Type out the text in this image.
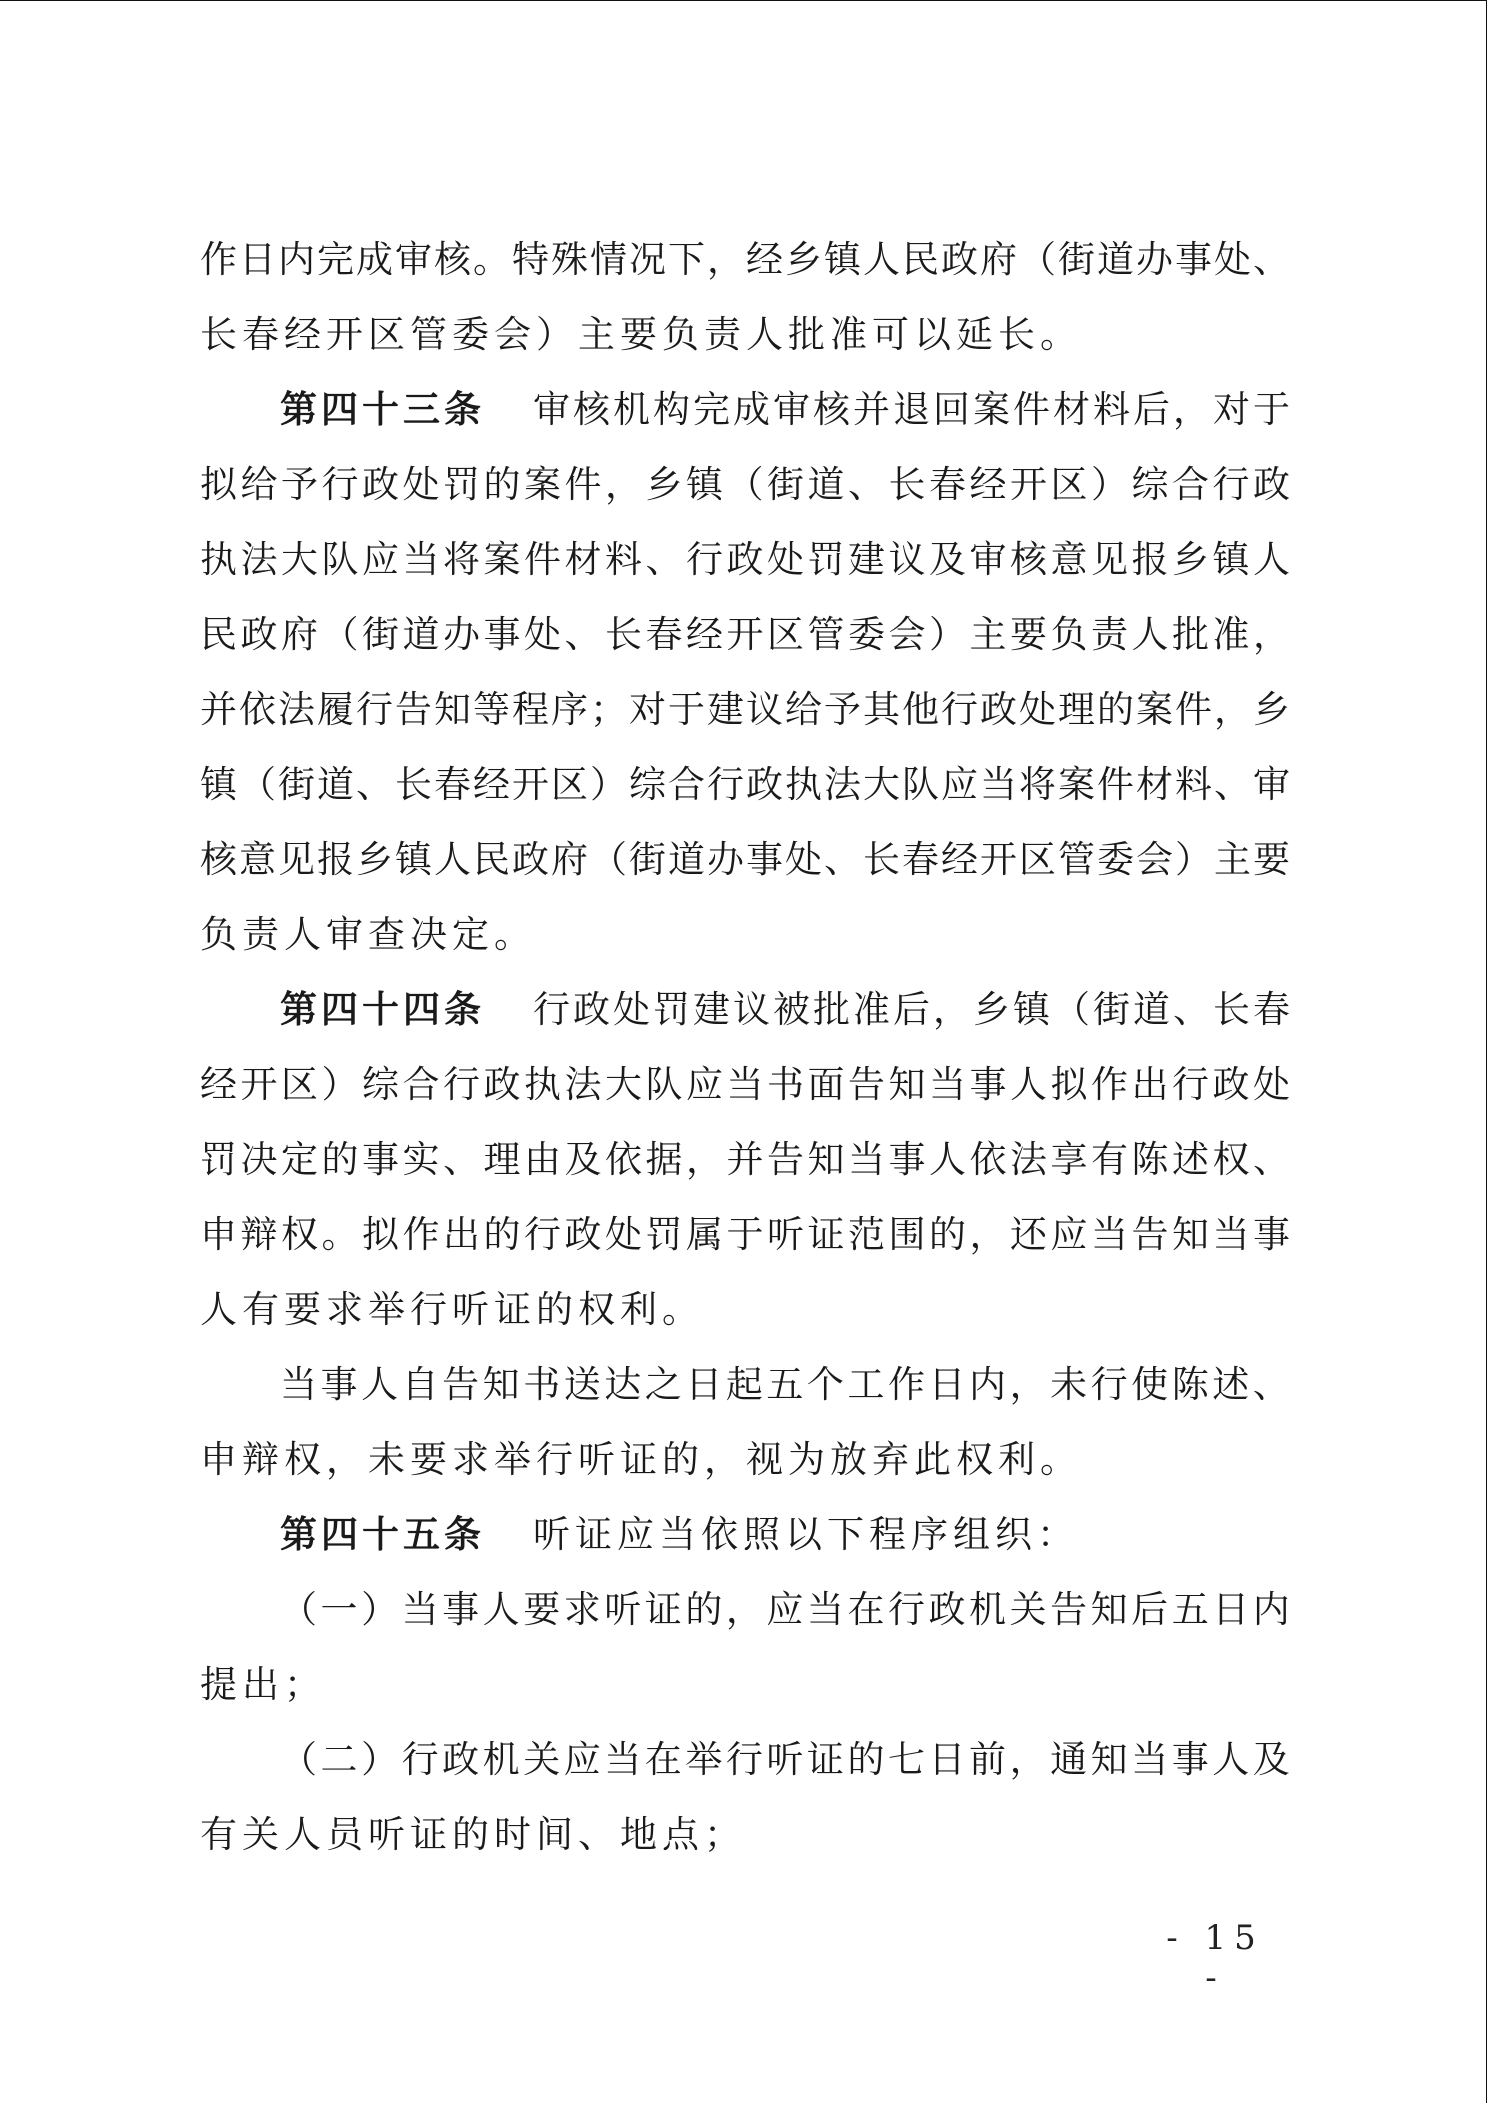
作 日 内 完 成 审 核 。 特 殊 情 况 下 ， 经 乡 镇 人 民 政 府 （ 街 道 办 事 处 、
长春经开区管委会）主要负责人批准可以延长。
第四十三条 审 核 机 构 完 成 审 核 并 退 回 案 件 材 料 后 ， 对 于
拟 给 予 行 政 处 罚 的 案 件 ， 乡 镇 （ 街 道 、 长 春 经 开 区 ） 综 合 行 政
执 法 大 队 应 当 将 案 件 材 料 、 行 政 处 罚 建 议 及 审 核 意 见 报 乡 镇 人
民 政 府 （ 街 道 办 事 处 、 长 春 经 开 区 管 委 会 ） 主 要 负 责 人 批 准 ，
并 依 法 履 行 告 知 等 程 序 ； 对 于 建 议 给 予 其 他 行 政 处 理 的 案 件 ， 乡
镇 （ 街 道 、 长 春 经 开 区 ） 综 合 行 政 执 法 大 队 应 当 将 案 件 材 料 、 审
核 意 见 报 乡 镇 人 民 政 府 （ 街 道 办 事 处 、 长 春 经 开 区 管 委 会 ） 主 要
负责人审查决定。
第四十四条 行 政 处 罚 建 议 被 批 准 后 ， 乡 镇 （ 街 道 、 长 春
经 开 区 ） 综 合 行 政 执 法 大 队 应 当 书 面 告 知 当 事 人 拟 作 出 行 政 处
罚 决 定 的 事 实 、 理 由 及 依 据 ， 并 告 知 当 事 人 依 法 享 有 陈 述 权 、
申 辩 权 。 拟 作 出 的 行 政 处 罚 属 于 听 证 范 围 的 ， 还 应 当 告 知 当 事
人有要求举行听证的权利。
当 事 人 自 告 知 书 送 达 之 日 起 五 个 工 作 日 内 ， 未 行 使 陈 述 、
申辩权，未要求举行听证的，视为放弃此权利。
第四十五条 听证应当依照以下程序组织：
（ 一 ） 当 事 人 要 求 听 证 的 ， 应 当 在 行 政 机 关 告 知 后 五 日 内
提出；
（ 二 ） 行 政 机 关 应 当 在 举 行 听 证 的 七 日 前 ， 通 知 当 事 人 及
有关人员听证的时间、地点；
- 15 -
